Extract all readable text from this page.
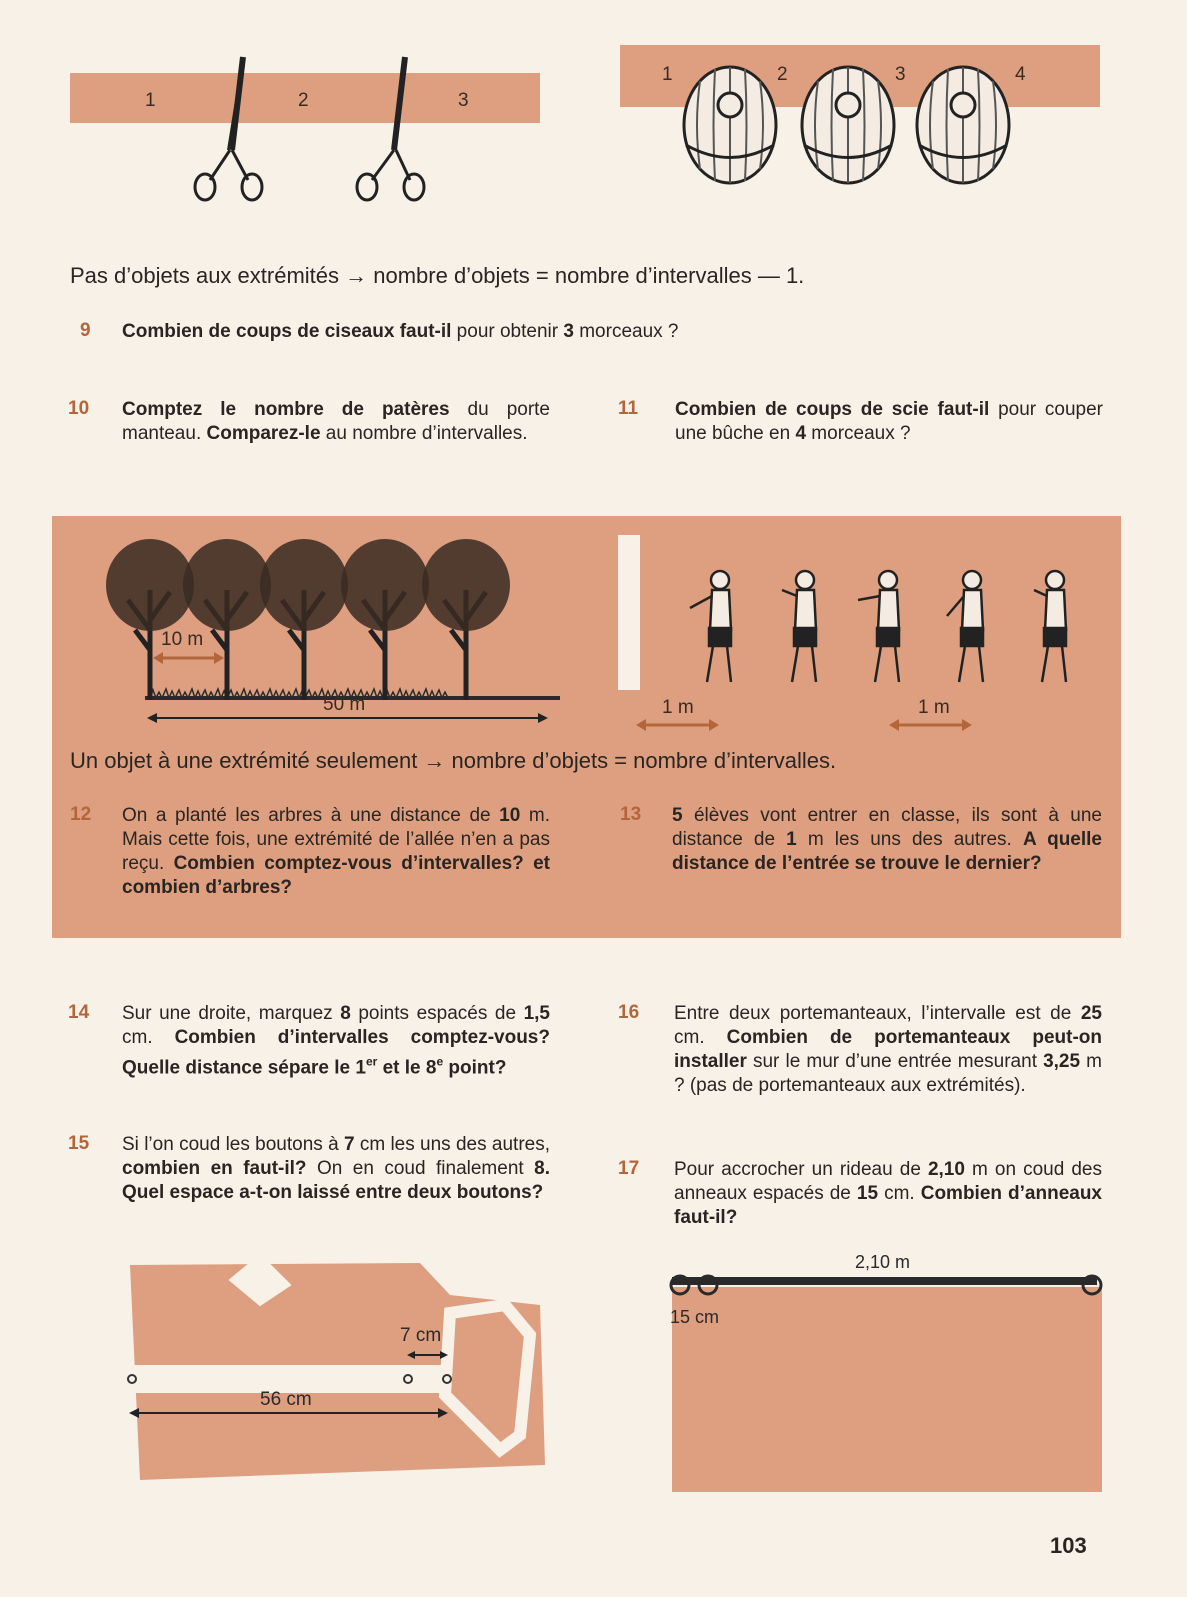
1	2	3
1	2	3	4
Pas d’objets aux extrémités → nombre d’objets = nombre d’intervalles — 1.
9 Combien de coups de ciseaux faut-il pour obtenir 3 morceaux ?
10 Comptez le nombre de patères du porte manteau. Comparez-le au nombre d’intervalles.
11 Combien de coups de scie faut-il pour couper une bûche en 4 morceaux ?
10 m
50 m	1 m	1 m
Un objet à une extrémité seulement → nombre d’objets = nombre d’intervalles.
12 On a planté les arbres à une distance de 10 m. Mais cette fois, une extrémité de l’allée n’en a pas reçu. Combien comptez-vous d’intervalles? et combien d’arbres?
13 5 élèves vont entrer en classe, ils sont à une distance de 1 m les uns des autres. A quelle distance de l’entrée se trouve le dernier?
14 Sur une droite, marquez 8 points espacés de 1,5 cm. Combien d’intervalles comptez-vous? Quelle distance sépare le 1er et le 8e point?
15 Si l’on coud les boutons à 7 cm les uns des autres, combien en faut-il? On en coud finalement 8. Quel espace a-t-on laissé entre deux boutons?
16 Entre deux portemanteaux, l’intervalle est de 25 cm. Combien de portemanteaux peut-on installer sur le mur d’une entrée mesurant 3,25 m ? (pas de portemanteaux aux extrémités).
17 Pour accrocher un rideau de 2,10 m on coud des anneaux espacés de 15 cm. Combien d’anneaux faut-il?
7 cm
56 cm
2,10 m
15 cm
103
